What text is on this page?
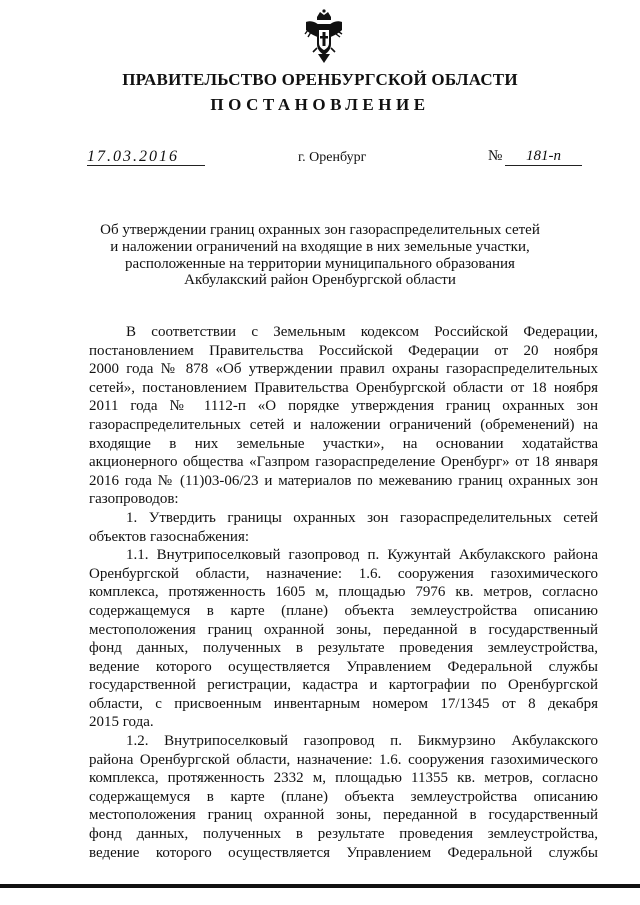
ПРАВИТЕЛЬСТВО ОРЕНБУРГСКОЙ ОБЛАСТИ
ПОСТАНОВЛЕНИЕ
17.03.2016	г. Оренбург	№	181-п
Об утверждении границ охранных зон газораспределительных сетей
и наложении ограничений на входящие в них земельные участки,
расположенные на территории муниципального образования
Акбулакский район Оренбургской области

В соответствии с Земельным кодексом Российской Федерации,
постановлением Правительства Российской Федерации от 20 ноября
2000 года № 878 «Об утверждении правил охраны газораспределительных
сетей», постановлением Правительства Оренбургской области от 18 ноября
2011 года № 1112-п «О порядке утверждения границ охранных зон
газораспределительных сетей и наложении ограничений (обременений) на
входящие в них земельные участки», на основании ходатайства
акционерного общества «Газпром газораспределение Оренбург» от 18 января
2016 года № (11)03-06/23 и материалов по межеванию границ охранных зон
газопроводов:

1. Утвердить границы охранных зон газораспределительных сетей
объектов газоснабжения:

1.1. Внутрипоселковый газопровод п. Кужунтай Акбулакского района
Оренбургской области, назначение: 1.6. сооружения газохимического
комплекса, протяженность 1605 м, площадью 7976 кв. метров, согласно
содержащемуся в карте (плане) объекта землеустройства описанию
местоположения границ охранной зоны, переданной в государственный
фонд данных, полученных в результате проведения землеустройства,
ведение которого осуществляется Управлением Федеральной службы
государственной регистрации, кадастра и картографии по Оренбургской
области, с присвоенным инвентарным номером 17/1345 от 8 декабря
2015 года.

1.2. Внутрипоселковый газопровод п. Бикмурзино Акбулакского
района Оренбургской области, назначение: 1.6. сооружения газохимического
комплекса, протяженность 2332 м, площадью 11355 кв. метров, согласно
содержащемуся в карте (плане) объекта землеустройства описанию
местоположения границ охранной зоны, переданной в государственный
фонд данных, полученных в результате проведения землеустройства,
ведение которого осуществляется Управлением Федеральной службы
